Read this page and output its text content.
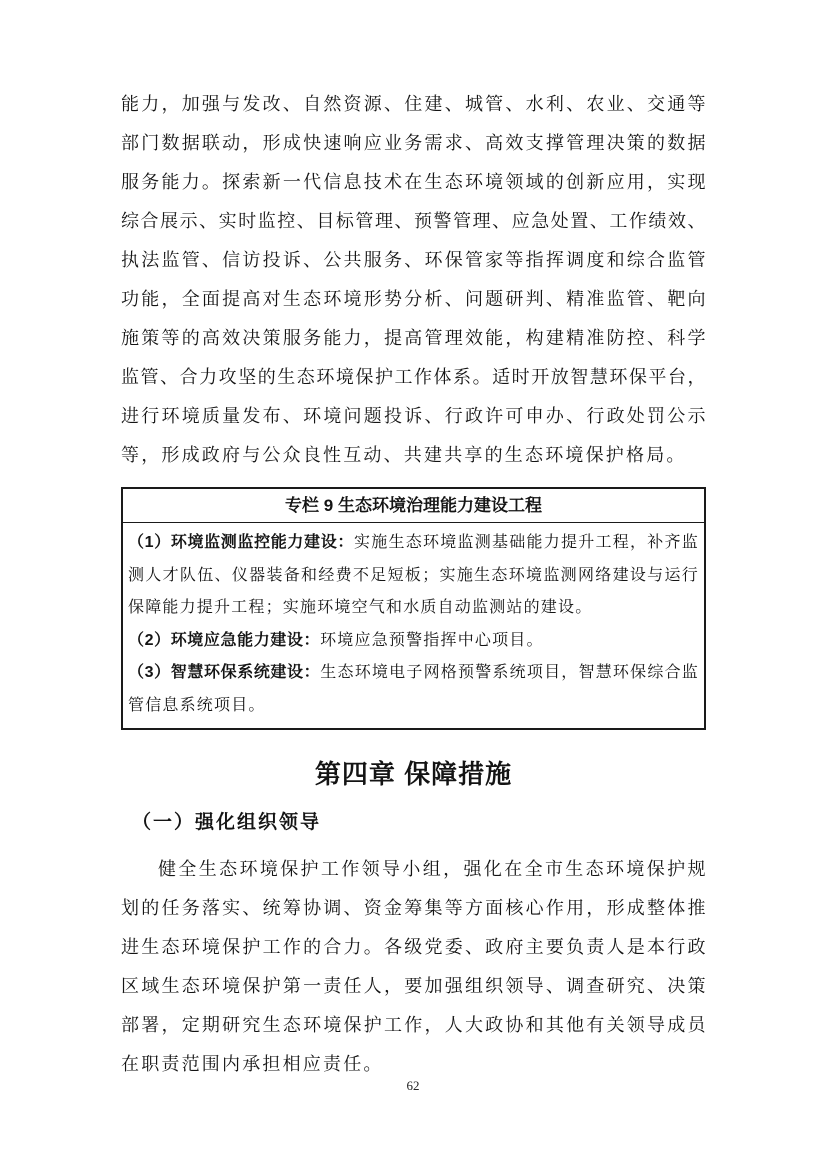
能力，加强与发改、自然资源、住建、城管、水利、农业、交通等
部门数据联动，形成快速响应业务需求、高效支撑管理决策的数据
服务能力。探索新一代信息技术在生态环境领域的创新应用，实现
综合展示、实时监控、目标管理、预警管理、应急处置、工作绩效、
执法监管、信访投诉、公共服务、环保管家等指挥调度和综合监管
功能，全面提高对生态环境形势分析、问题研判、精准监管、靶向
施策等的高效决策服务能力，提高管理效能，构建精准防控、科学
监管、合力攻坚的生态环境保护工作体系。适时开放智慧环保平台，
进行环境质量发布、环境问题投诉、行政许可申办、行政处罚公示
等，形成政府与公众良性互动、共建共享的生态环境保护格局。
专栏 9 生态环境治理能力建设工程
（1）环境监测监控能力建设：实施生态环境监测基础能力提升工程，补齐监测人才队伍、仪器装备和经费不足短板；实施生态环境监测网络建设与运行保障能力提升工程；实施环境空气和水质自动监测站的建设。
（2）环境应急能力建设：环境应急预警指挥中心项目。
（3）智慧环保系统建设：生态环境电子网格预警系统项目，智慧环保综合监管信息系统项目。
第四章 保障措施
（一）强化组织领导
健全生态环境保护工作领导小组，强化在全市生态环境保护规
划的任务落实、统筹协调、资金筹集等方面核心作用，形成整体推
进生态环境保护工作的合力。各级党委、政府主要负责人是本行政
区域生态环境保护第一责任人，要加强组织领导、调查研究、决策
部署，定期研究生态环境保护工作，人大政协和其他有关领导成员
在职责范围内承担相应责任。
62
